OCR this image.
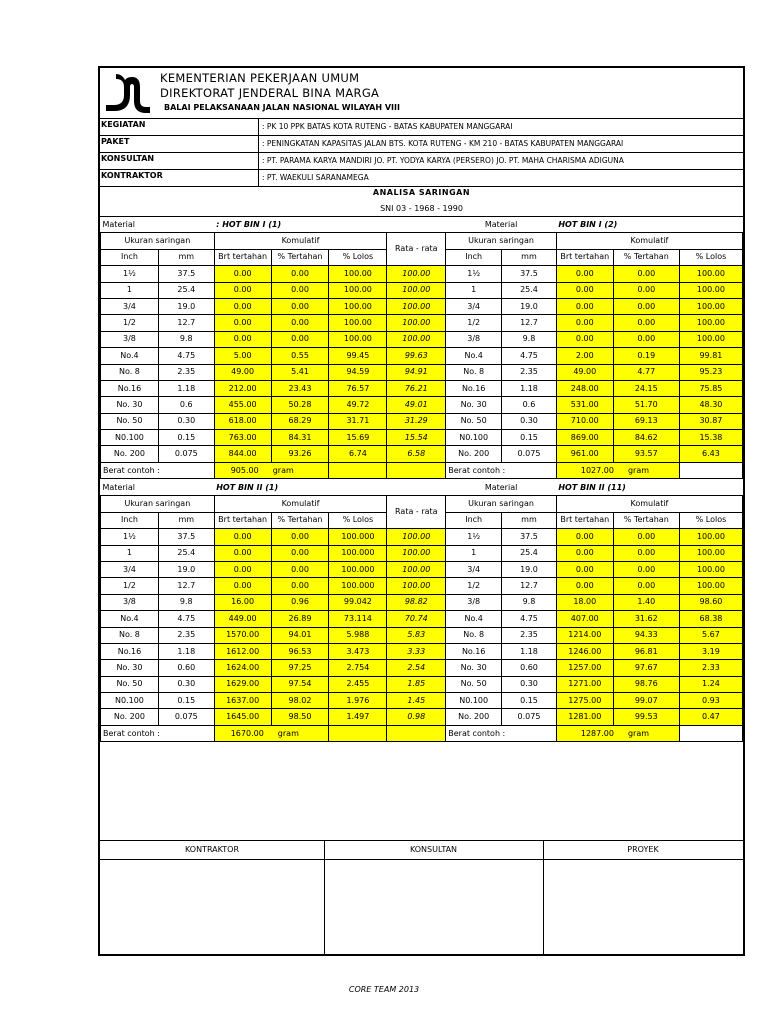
KEMENTERIAN PEKERJAAN UMUM
DIREKTORAT JENDERAL BINA MARGA
BALAI PELAKSANAAN JALAN NASIONAL WILAYAH VIII
KEGIATAN	: PK 10 PPK BATAS KOTA RUTENG - BATAS KABUPATEN MANGGARAI
PAKET	: PENINGKATAN KAPASITAS JALAN BTS. KOTA RUTENG - KM 210 - BATAS KABUPATEN MANGGARAI
KONSULTAN	: PT. PARAMA KARYA MANDIRI JO. PT. YODYA KARYA (PERSERO) JO. PT. MAHA CHARISMA ADIGUNA
KONTRAKTOR	: PT. WAEKULI SARANAMEGA
ANALISA SARINGAN
SNI 03 - 1968 - 1990
Material		: HOT BIN I (1)				Material		HOT BIN I (2)		
Ukuran saringan		Komulatif			Rata - rata	Ukuran saringan		Komulatif		
Inch	mm	Brt tertahan	% Tertahan	% Lolos		Inch	mm	Brt tertahan	% Tertahan	% Lolos
1½	37.5	0.00	0.00	100.00	100.00	1½	37.5	0.00	0.00	100.00
1	25.4	0.00	0.00	100.00	100.00	1	25.4	0.00	0.00	100.00
3/4	19.0	0.00	0.00	100.00	100.00	3/4	19.0	0.00	0.00	100.00
1/2	12.7	0.00	0.00	100.00	100.00	1/2	12.7	0.00	0.00	100.00
3/8	9.8	0.00	0.00	100.00	100.00	3/8	9.8	0.00	0.00	100.00
No.4	4.75	5.00	0.55	99.45	99.63	No.4	4.75	2.00	0.19	99.81
No. 8	2.35	49.00	5.41	94.59	94.91	No. 8	2.35	49.00	4.77	95.23
No.16	1.18	212.00	23.43	76.57	76.21	No.16	1.18	248.00	24.15	75.85
No. 30	0.6	455.00	50.28	49.72	49.01	No. 30	0.6	531.00	51.70	48.30
No. 50	0.30	618.00	68.29	31.71	31.29	No. 50	0.30	710.00	69.13	30.87
N0.100	0.15	763.00	84.31	15.69	15.54	N0.100	0.15	869.00	84.62	15.38
No. 200	0.075	844.00	93.26	6.74	6.58	No. 200	0.075	961.00	93.57	6.43
Berat contoh :		905.00 gram				Berat contoh :		1027.00 gram		
Material		HOT BIN II (1)				Material		HOT BIN II (11)		
Ukuran saringan		Komulatif			Rata - rata	Ukuran saringan		Komulatif		
Inch	mm	Brt tertahan	% Tertahan	% Lolos		Inch	mm	Brt tertahan	% Tertahan	% Lolos
1½	37.5	0.00	0.00	100.000	100.00	1½	37.5	0.00	0.00	100.00
1	25.4	0.00	0.00	100.000	100.00	1	25.4	0.00	0.00	100.00
3/4	19.0	0.00	0.00	100.000	100.00	3/4	19.0	0.00	0.00	100.00
1/2	12.7	0.00	0.00	100.000	100.00	1/2	12.7	0.00	0.00	100.00
3/8	9.8	16.00	0.96	99.042	98.82	3/8	9.8	18.00	1.40	98.60
No.4	4.75	449.00	26.89	73.114	70.74	No.4	4.75	407.00	31.62	68.38
No. 8	2.35	1570.00	94.01	5.988	5.83	No. 8	2.35	1214.00	94.33	5.67
No.16	1.18	1612.00	96.53	3.473	3.33	No.16	1.18	1246.00	96.81	3.19
No. 30	0.60	1624.00	97.25	2.754	2.54	No. 30	0.60	1257.00	97.67	2.33
No. 50	0.30	1629.00	97.54	2.455	1.85	No. 50	0.30	1271.00	98.76	1.24
N0.100	0.15	1637.00	98.02	1.976	1.45	N0.100	0.15	1275.00	99.07	0.93
No. 200	0.075	1645.00	98.50	1.497	0.98	No. 200	0.075	1281.00	99.53	0.47
Berat contoh :		1670.00 gram				Berat contoh :		1287.00 gram		
KONTRAKTOR	KONSULTAN	PROYEK
CORE TEAM 2013
